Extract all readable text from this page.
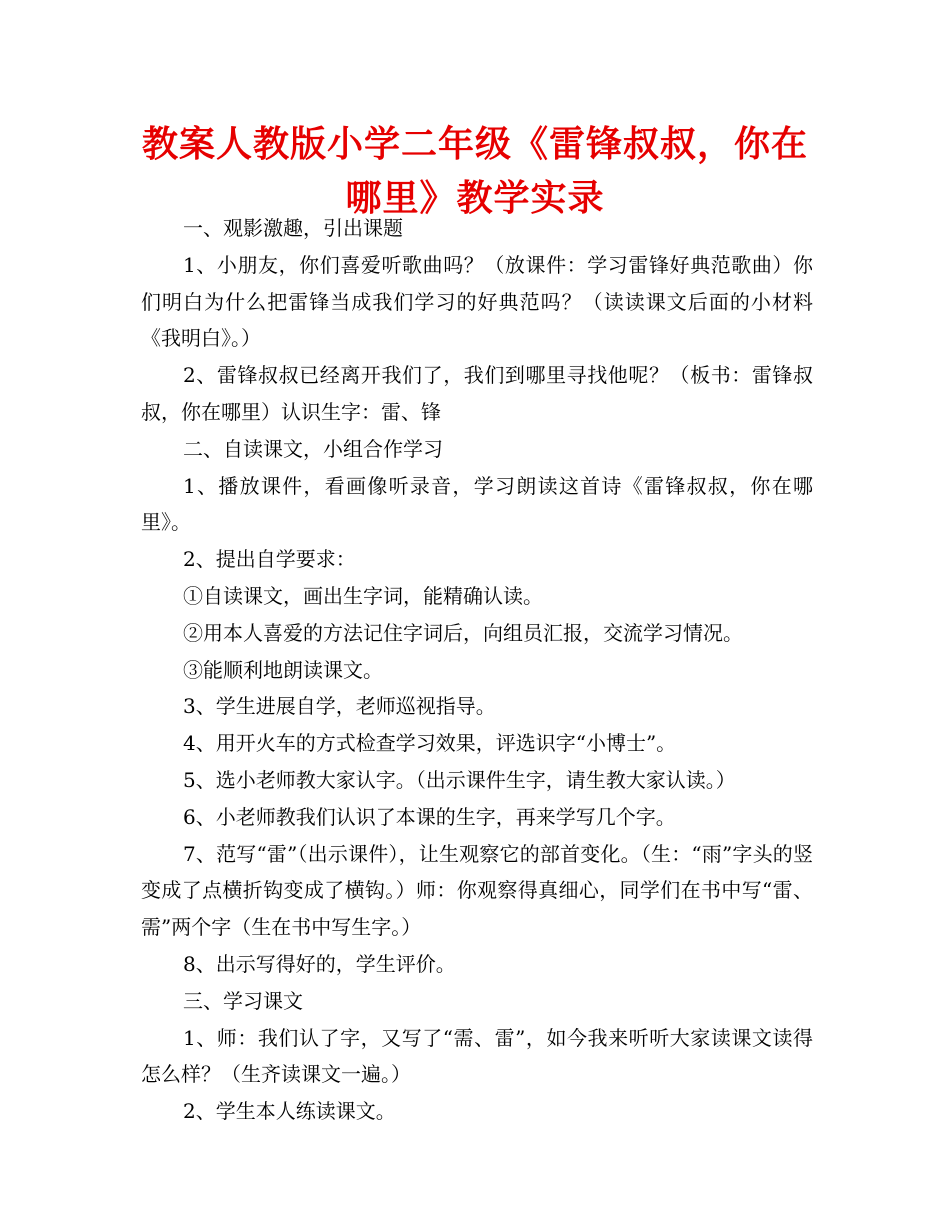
教案人教版小学二年级《雷锋叔叔，你在哪里》教学实录

一、观影激趣，引出课题

1、小朋友，你们喜爱听歌曲吗？（放课件：学习雷锋好典范歌曲）你们明白为什么把雷锋当成我们学习的好典范吗？（读读课文后面的小材料《我明白》。）

2、雷锋叔叔已经离开我们了，我们到哪里寻找他呢？（板书：雷锋叔叔，你在哪里）认识生字：雷、锋

二、自读课文，小组合作学习

1、播放课件，看画像听录音，学习朗读这首诗《雷锋叔叔，你在哪里》。

2、提出自学要求：

①自读课文，画出生字词，能精确认读。

②用本人喜爱的方法记住字词后，向组员汇报，交流学习情况。

③能顺利地朗读课文。

3、学生进展自学，老师巡视指导。

4、用开火车的方式检查学习效果，评选识字“小博士”。

5、选小老师教大家认字。（出示课件生字，请生教大家认读。）

6、小老师教我们认识了本课的生字，再来学写几个字。

7、范写“雷”（出示课件），让生观察它的部首变化。（生：“雨”字头的竖变成了点横折钩变成了横钩。）师：你观察得真细心，同学们在书中写“雷、需”两个字（生在书中写生字。）

8、出示写得好的，学生评价。

三、学习课文

1、师：我们认了字，又写了“需、雷”，如今我来听听大家读课文读得怎么样？（生齐读课文一遍。）

2、学生本人练读课文。
